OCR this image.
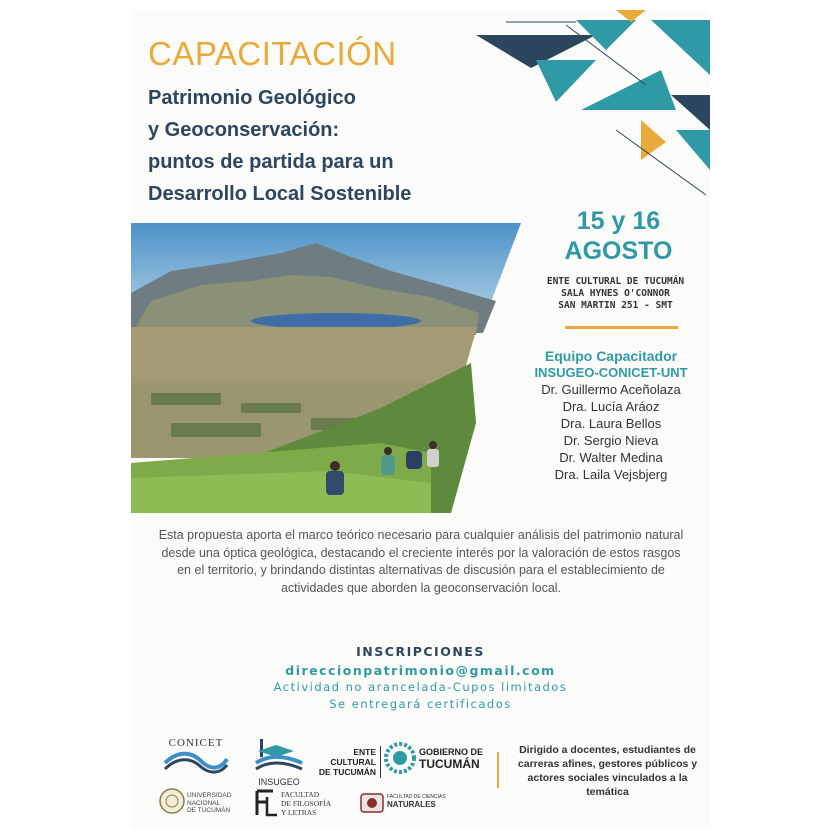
CAPACITACIÓN
Patrimonio Geológico
y Geoconservación:
puntos de partida para un
Desarrollo Local Sostenible
15 y 16
AGOSTO
ENTE CULTURAL DE TUCUMÁN
SALA HYNES O'CONNOR
SAN MARTIN 251 - SMT
Equipo Capacitador
INSUGEO-CONICET-UNT
Dr. Guillermo Aceñolaza
Dra. Lucía Aráoz
Dra. Laura Bellos
Dr. Sergio Nieva
Dr. Walter Medina
Dra. Laila Vejsbjerg
Esta propuesta aporta el marco teórico necesario para cualquier análisis del patrimonio natural desde una óptica geológica, destacando el creciente interés por la valoración de estos rasgos en el territorio, y brindando distintas alternativas de discusión para el establecimiento de actividades que aborden la geoconservación local.
INSCRIPCIONES
direccionpatrimonio@gmail.com
Actividad no arancelada-Cupos limitados
Se entregará certificados
CONICET
INSUGEO
ENTE
CULTURAL
DE TUCUMÁN
GOBIERNO DE
TUCUMÁN
Dirigido a docentes, estudiantes de carreras afines, gestores públicos y actores sociales vinculados a la temática
UNIVERSIDAD
NACIONAL
DE TUCUMÁN
FACULTAD
DE FILOSOFÍA
Y LETRAS
FACULTAD DE CIENCIAS
NATURALES
